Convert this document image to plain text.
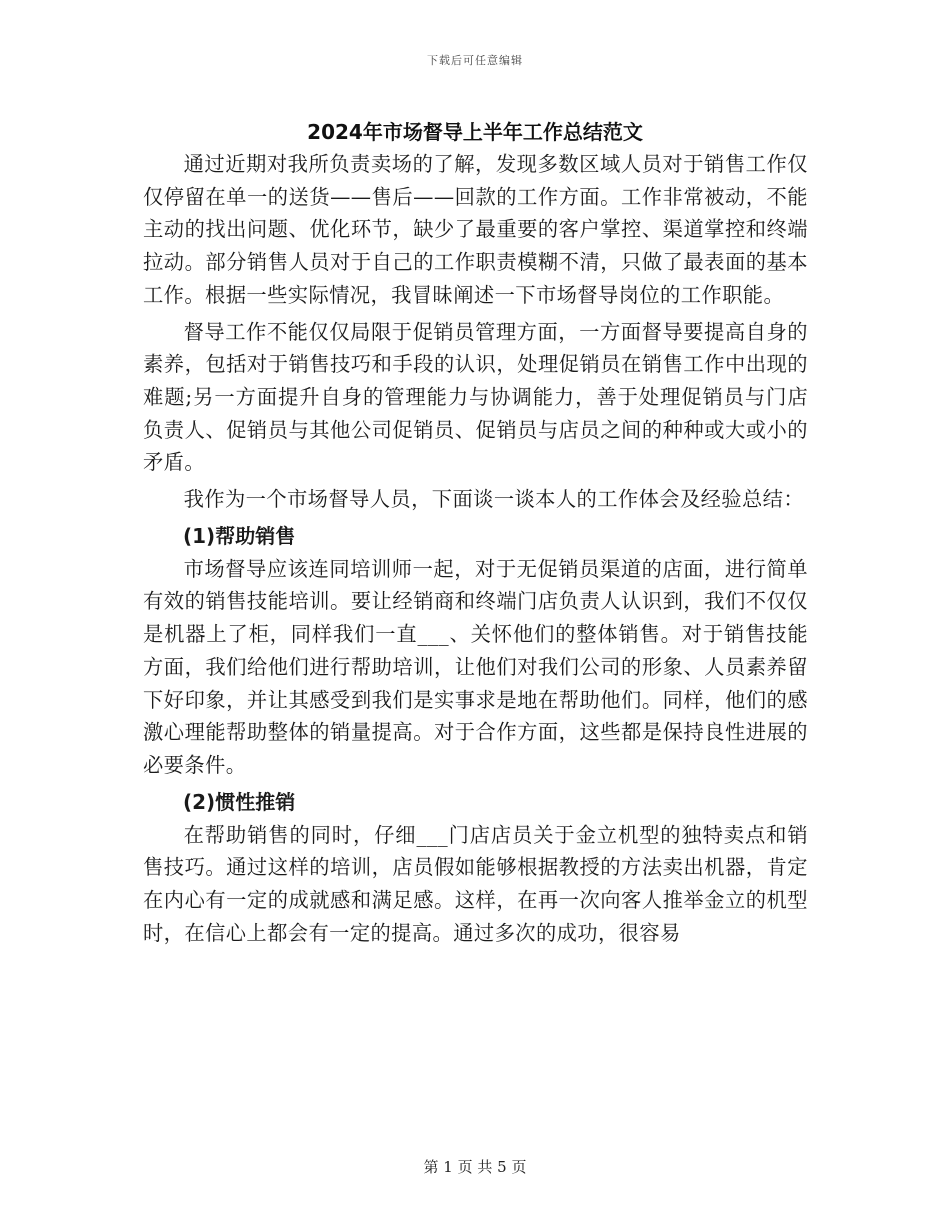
下载后可任意编辑
2024年市场督导上半年工作总结范文

通过近期对我所负责卖场的了解，发现多数区域人员对于销售工作仅仅停留在单一的送货——售后——回款的工作方面。工作非常被动，不能主动的找出问题、优化环节，缺少了最重要的客户掌控、渠道掌控和终端拉动。部分销售人员对于自己的工作职责模糊不清，只做了最表面的基本工作。根据一些实际情况，我冒昧阐述一下市场督导岗位的工作职能。

督导工作不能仅仅局限于促销员管理方面，一方面督导要提高自身的素养，包括对于销售技巧和手段的认识，处理促销员在销售工作中出现的难题;另一方面提升自身的管理能力与协调能力，善于处理促销员与门店负责人、促销员与其他公司促销员、促销员与店员之间的种种或大或小的矛盾。

我作为一个市场督导人员，下面谈一谈本人的工作体会及经验总结：

(1)帮助销售

市场督导应该连同培训师一起，对于无促销员渠道的店面，进行简单有效的销售技能培训。要让经销商和终端门店负责人认识到，我们不仅仅是机器上了柜，同样我们一直___、关怀他们的整体销售。对于销售技能方面，我们给他们进行帮助培训，让他们对我们公司的形象、人员素养留下好印象，并让其感受到我们是实事求是地在帮助他们。同样，他们的感激心理能帮助整体的销量提高。对于合作方面，这些都是保持良性进展的必要条件。

(2)惯性推销

在帮助销售的同时，仔细___门店店员关于金立机型的独特卖点和销售技巧。通过这样的培训，店员假如能够根据教授的方法卖出机器，肯定在内心有一定的成就感和满足感。这样，在再一次向客人推举金立的机型时，在信心上都会有一定的提高。通过多次的成功，很容易

第 1 页 共 5 页
